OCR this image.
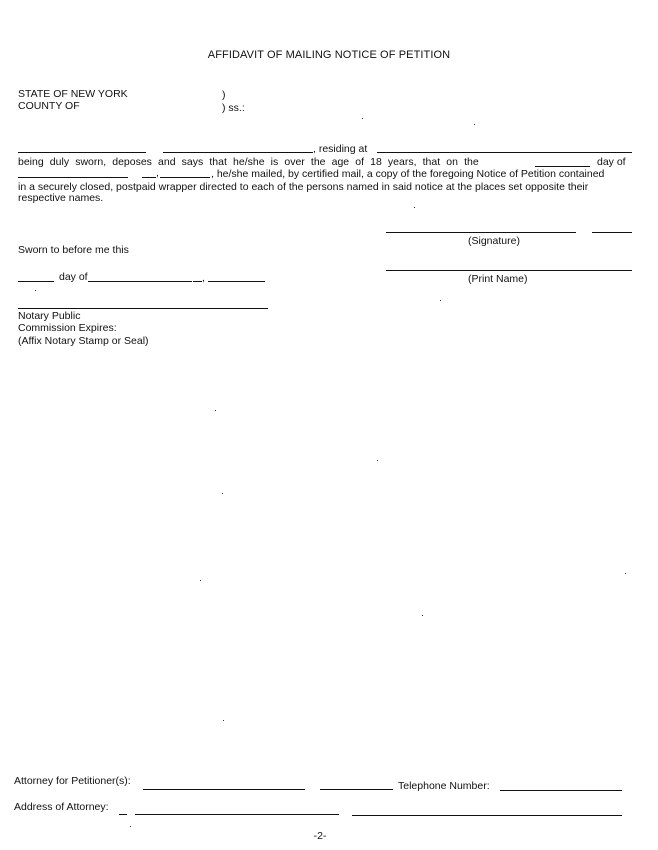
AFFIDAVIT OF MAILING NOTICE OF PETITION
STATE OF NEW YORK
COUNTY OF
)
) ss.:
, residing at
being duly sworn, deposes and says that he/she is over the age of 18 years, that on the	day of
,	, he/she mailed, by certified mail, a copy of the foregoing Notice of Petition contained
in a securely closed, postpaid wrapper directed to each of the persons named in said notice at the places set opposite their
respective names.
(Signature)
(Print Name)
Sworn to before me this
day of	,
Notary Public
Commission Expires:
(Affix Notary Stamp or Seal)
Attorney for Petitioner(s):	Telephone Number:
Address of Attorney:
-2-
